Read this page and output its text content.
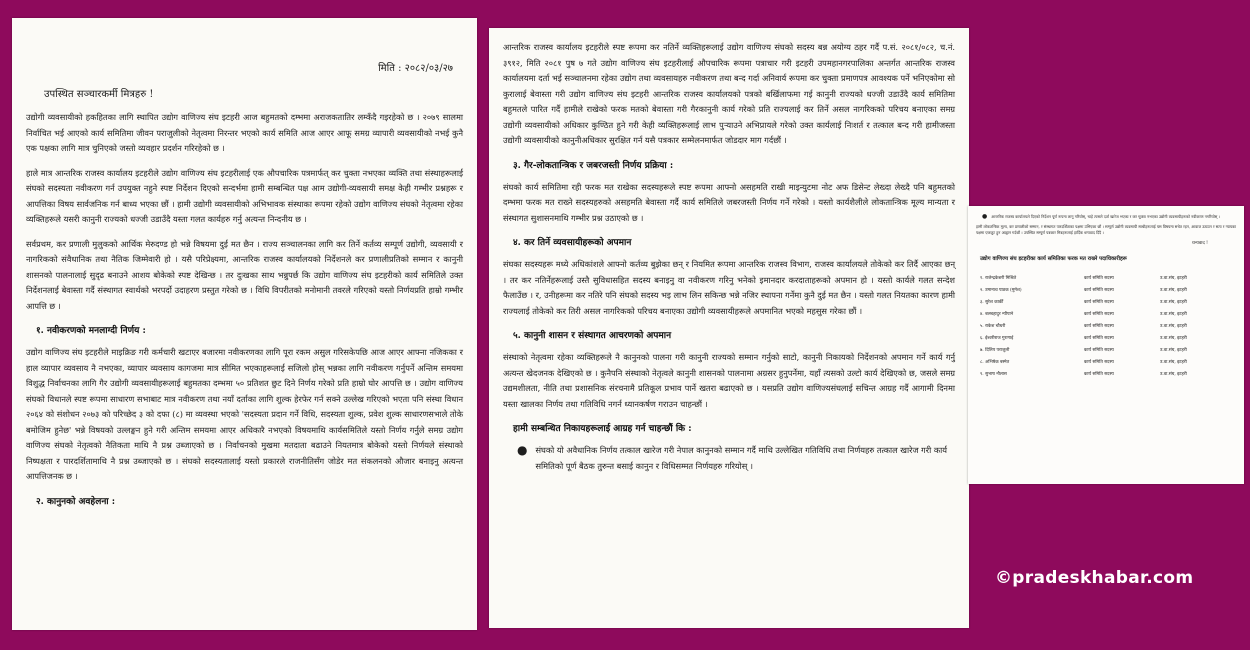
मिति : २०८२/०३/२७
उपस्थित सञ्चारकर्मी मित्रहरु !

उद्योगी व्यवसायीको हकहितका लागि स्थापित उद्योग वाणिज्य संघ इटहरी आज बहुमतको दम्भमा अराजकतातिर लम्कँदै गइरहेको छ । २०७९ सालमा निर्वाचित भई आएको कार्य समितिमा जीवन पराजुलीको नेतृत्वमा निरन्तर भएको कार्य समिति आज आएर आफू समग्र व्यापारी व्यवसायीको नभई कुनै एक पक्षका लागि मात्र चुनिएको जस्तो व्यवहार प्रदर्शन गरिरहेको छ ।

हाले मात्र आन्तरिक राजस्व कार्यालय इटहरीले उद्योग वाणिज्य संघ इटहरीलाई एक औपचारिक पत्रमार्फत् कर चुक्ता नभएका व्यक्ति तथा संस्थाहरूलाई संघको सदस्यता नवीकरण गर्न उपयुक्त नहुने स्पष्ट निर्देशन दिएको सन्दर्भमा हामी सम्बन्धित पक्ष आम उद्योगी-व्यवसायी समक्ष केही गम्भीर प्रश्नहरू र आपत्तिका विषय सार्वजनिक गर्न बाध्य भएका छौं । हामी उद्योगी व्यवसायीको अभिभावक संस्थाका रूपमा रहेको उद्योग वाणिज्य संघको नेतृत्वमा रहेका व्यक्तिहरूले यसरी कानुनी राज्यको धज्जी उडाउँदै यस्ता गलत कार्यहरु गर्नु अत्यन्त निन्दनीय छ ।

सर्वप्रथम, कर प्रणाली मुलुकको आर्थिक मेरुदण्ड हो भन्ने विषयमा दुई मत छैन । राज्य सञ्चालनका लागि कर तिर्ने कर्तव्य सम्पूर्ण उद्योगी, व्यवसायी र नागरिकको संवैधानिक तथा नैतिक जिम्मेवारी हो । यसै परिप्रेक्ष्यमा, आन्तरिक राजस्व कार्यालयको निर्देशनले कर प्रणालीप्रतिको सम्मान र कानुनी शासनको पालनालाई सुदृढ बनाउने आशय बोकेको स्पष्ट देखिन्छ । तर दुःखका साथ भन्नुपर्छ कि उद्योग वाणिज्य संघ इटहरीको कार्य समितिले उक्त निर्देशनलाई बेवास्ता गर्दै संस्थागत स्वार्थको भरपर्दो उदाहरण प्रस्तुत गरेको छ । विधि विपरीतको मनोमानी तवरले गरिएको यस्तो निर्णयप्रति हाम्रो गम्भीर आपत्ति छ ।

१. नवीकरणको मनलाग्दी निर्णय :

उद्योग वाणिज्य संघ इटहरीले माइक्रिङ गरी कर्मचारी खटाएर बजारमा नवीकरणका लागि पूरा रकम असुल गरिसकेपछि आज आएर आफ्ना नजिकका र हाल व्यापार व्यवसाय नै नभएका, व्यापार व्यवसाय कागजमा मात्र सीमित भएकाहरूलाई सजिलो होस् भन्नका लागि नवीकरण गर्नुपर्ने अन्तिम समयमा विशुद्ध निर्वाचनका लागि गैर उद्योगी व्यवसायीहरूलाई बहुमतका दम्भमा ५० प्रतिशत छुट दिने निर्णय गरेको प्रति हाम्रो घोर आपत्ति छ । उद्योग वाणिज्य संघको विधानले स्पष्ट रूपमा साधारण सभाबाट मात्र नवीकरण तथा नयाँ दर्ताका लागि शुल्क हेरफेर गर्न सक्ने उल्लेख गरिएको भएता पनि संस्था विधान २०६४ को संशोधन २०७३ को परिच्छेद ३ को दफा (८) मा व्यवस्था भएको 'सदस्यता प्रदान गर्ने विधि, सदस्यता शुल्क, प्रवेश शुल्क साधारणसभाले तोके बमोजिम हुनेछ' भन्ने विषयको उल्लङ्घन हुने गरी अन्तिम समयमा आएर अधिकारै नभएको विषयमाथि कार्यसमितिले यस्तो निर्णय गर्नुले समग्र उद्योग वाणिज्य संघको नेतृत्वको नैतिकता माथि नै प्रश्न उब्जाएको छ । निर्वाचनको मुखमा मतदाता बढाउने नियतमात्र बोकेको यस्तो निर्णयले संस्थाको निष्पक्षता र पारदर्शितामाथि नै प्रश्न उब्जाएको छ । संघको सदस्यतालाई यस्तो प्रकारले राजनीतिसँग जोडेर मत संकलनको औजार बनाइनु अत्यन्त आपत्तिजनक छ ।

२. कानुनको अवहेलना :

आन्तरिक राजस्व कार्यालय इटहरीले स्पष्ट रूपमा कर नतिर्ने व्यक्तिहरूलाई उद्योग वाणिज्य संघको सदस्य बन्न अयोग्य ठहर गर्दै प.सं. २०८१/०८२, च.नं. ३९१२, मिति २०८१ पुष ७ गते उद्योग वाणिज्य संघ इटहरीलाई औपचारिक रूपमा पत्राचार गरी इटहरी उपमहानगरपालिका अन्तर्गत आन्तरिक राजस्व कार्यालयमा दर्ता भई सञ्चालनमा रहेका उद्योग तथा व्यवसायहरु नवीकरण तथा बन्द गर्दा अनिवार्य रूपमा कर चुक्ता प्रमाणपत्र आवश्यक पर्ने भनिएकोमा सो कुरालाई बेवास्ता गरी उद्योग वाणिज्य संघ इटहरी आन्तरिक राजस्व कार्यालयको पत्रको बर्खिलाफमा गई कानुनी राज्यको धज्जी उडाउँदै कार्य समितिमा बहुमतले पारित गर्दै हामीले राखेको फरक मतको बेवास्ता गरी गैरकानुनी कार्य गरेको प्रति राज्यलाई कर तिर्ने असल नागरिकको परिचय बनाएका समग्र उद्योगी व्यवसायीको अधिकार कुण्ठित हुने गरी केही व्यक्तिहरूलाई लाभ पुऱ्याउने अभिप्रायले गरेको उक्त कार्यलाई निःशर्त र तत्काल बन्द गरी हामीजस्ता उद्योगी व्यवसायीको कानुनीअधिकार सुरक्षित गर्न यसै पत्रकार सम्मेलनमार्फत जोडदार माग गर्दछौं ।

३. गैर-लोकतान्त्रिक र जबरजस्ती निर्णय प्रक्रिया :

संघको कार्य समितिमा रही फरक मत राखेका सदस्यहरूले स्पष्ट रूपमा आफ्नो असहमति राखी माइन्युटमा नोट अफ डिसेन्ट लेख्दा लेख्दै पनि बहुमतको दम्भमा फरक मत राख्ने सदस्यहरुको असहमति बेवास्ता गर्दै कार्य समितिले जबरजस्ती निर्णय गर्ने गरेको । यस्तो कार्यशैलीले लोकतान्त्रिक मूल्य मान्यता र संस्थागत सुशासनमाथि गम्भीर प्रश्न उठाएको छ ।

४. कर तिर्ने व्यवसायीहरूको अपमान

संघका सदस्यहरू मध्ये अधिकांशले आफ्नो कर्तव्य बुझेका छन् र नियमित रूपमा आन्तरिक राजस्व विभाग, राजस्व कार्यालयले तोकेको कर तिर्दै आएका छन् । तर कर नतिर्नेहरूलाई उस्तै सुविधासहित सदस्य बनाइनु वा नवीकरण गरिनु भनेको इमानदार करदाताहरूको अपमान हो । यस्तो कार्यले गलत सन्देश फैलाउँछ । र, उनीहरूमा कर नतिरे पनि संघको सदस्य भइ लाभ लिन सकिन्छ भन्ने नजिर स्थापना गर्नेमा कुनै दुई मत छैन । यस्तो गलत नियतका कारण हामी राज्यलाई तोकेको कर तिरी असल नागरिकको परिचय बनाएका उद्योगी व्यवसायीहरूले अपमानित भएको महसुस गरेका छौं ।

५. कानुनी शासन र संस्थागत आचरणको अपमान

संस्थाको नेतृत्वमा रहेका व्यक्तिहरूले नै कानुनको पालना गरी कानुनी राज्यको सम्मान गर्नुको साटो, कानुनी निकायको निर्देशनको अपमान गर्ने कार्य गर्नु अत्यन्त खेदजनक देखिएको छ । कुनैपनि संस्थाको नेतृत्वले कानुनी शासनको पालनामा अग्रसर हुनुपर्नेमा, यहाँ त्यसको उल्टो कार्य देखिएको छ, जसले समग्र उद्यमशीलता, नीति तथा प्रशासनिक संरचनामै प्रतिकूल प्रभाव पार्ने खतरा बढाएको छ । यसप्रति उद्योग वाणिज्यसंघलाई सचिन्त आग्रह गर्दै आगामी दिनमा यस्ता खालका निर्णय तथा गतिविधि नगर्न ध्यानकर्षण गराउन चाहन्छौं ।

हामी सम्बन्धित निकायहरूलाई आग्रह गर्न चाहन्छौं कि :
● संघको यो अवैधानिक निर्णय तत्काल खारेज गरी नेपाल कानुनको सम्मान गर्दै माथि उल्लेखित गतिविधि तथा निर्णयहरु तत्काल खारेज गरी कार्य समितिको पूर्ण बैठक तुरुन्त बसाई कानुन र विधिसम्मत निर्णयहरु गरियोस् ।
● आन्तरिक राजस्व कार्यालयले दिएको निर्देशन पूर्ण रूपमा लागू गरियोस्, चाहे त्यसले दर्ता खारेज भएका र कर चुक्ता नभएका उद्योगी व्यवसायीहरूको नवीकरण नगरियोस् ।

हामी लोकतन्त्रिक मूल्य, कर प्रणालीको सम्मान, र संस्थागत पारदर्शिताका पक्षमा उभिएका छौं । सम्पूर्ण उद्योगी व्यवसायी साथीहरूलाई यस विषयमा सचेत रहन, आवाज उठाउन र सत्य र न्यायका पक्षमा एकजुट हुन आह्वान गर्दछौं । उपस्थित सम्पूर्ण पत्रकार मित्रहरूलाई हार्दिक धन्यवाद दिँदै ।

धन्यवाद !
उद्योग वाणिज्य संघ इटहरीका कार्य समितिका फरक मत राख्ने पदाधिकारीहरू
१. राजेन्द्रकेशरी मिश्रिते	कार्य समिति सदस्य	उ.वा.संघ, इटहरी
२. उमानाथ पाठक (मुमेश)	कार्य समिति सदस्य	उ.वा.संघ, इटहरी
३. सुरेश कार्की	कार्य समिति सदस्य	उ.वा.संघ, इटहरी
४. बलबहादुर न्यौपाने	कार्य समिति सदस्य	उ.वा.संघ, इटहरी
५. राकेश चौधरी	कार्य समिति सदस्य	उ.वा.संघ, इटहरी
६. ईश्वरीराज गुरागाई	कार्य समिति सदस्य	उ.वा.संघ, इटहरी
७. दिलिप पराजुली	कार्य समिति सदस्य	उ.वा.संघ, इटहरी
८. अभिषेक बस्नेत	कार्य समिति सदस्य	उ.वा.संघ, इटहरी
९. सुभाष नौलास	कार्य समिति सदस्य	उ.वा.संघ, इटहरी
©pradeskhabar.com
